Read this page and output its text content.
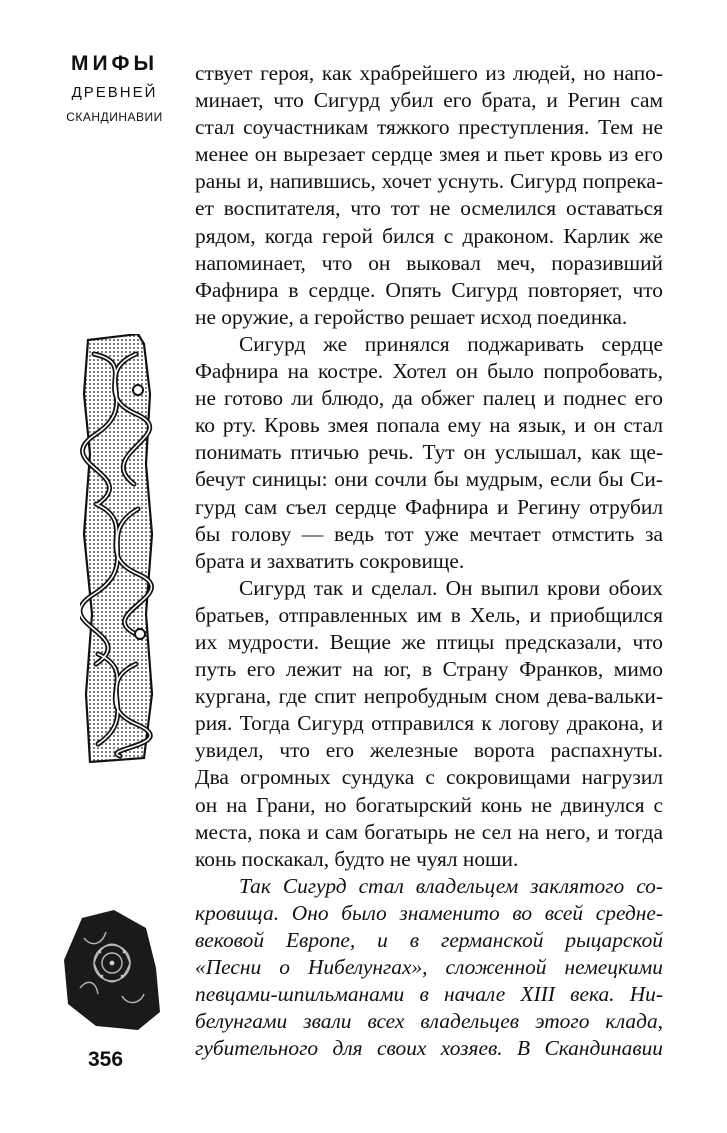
МИФЫ
ДРЕВНЕЙ
СКАНДИНАВИИ

ствует героя, как храбрейшего из людей, но напо-
минает, что Сигурд убил его брата, и Регин сам
стал соучастникам тяжкого преступления. Тем не
менее он вырезает сердце змея и пьет кровь из его
раны и, напившись, хочет уснуть. Сигурд попрека-
ет воспитателя, что тот не осмелился оставаться
рядом, когда герой бился с драконом. Карлик же
напоминает, что он выковал меч, поразивший
Фафнира в сердце. Опять Сигурд повторяет, что
не оружие, а геройство решает исход поединка.

Сигурд же принялся поджаривать сердце
Фафнира на костре. Хотел он было попробовать,
не готово ли блюдо, да обжег палец и поднес его
ко рту. Кровь змея попала ему на язык, и он стал
понимать птичью речь. Тут он услышал, как ще-
бечут синицы: они сочли бы мудрым, если бы Си-
гурд сам съел сердце Фафнира и Регину отрубил
бы голову — ведь тот уже мечтает отмстить за
брата и захватить сокровище.

Сигурд так и сделал. Он выпил крови обоих
братьев, отправленных им в Хель, и приобщился
их мудрости. Вещие же птицы предсказали, что
путь его лежит на юг, в Страну Франков, мимо
кургана, где спит непробудным сном дева-вальки-
рия. Тогда Сигурд отправился к логову дракона, и
увидел, что его железные ворота распахнуты.
Два огромных сундука с сокровищами нагрузил
он на Грани, но богатырский конь не двинулся с
места, пока и сам богатырь не сел на него, и тогда
конь поскакал, будто не чуял ноши.

Так Сигурд стал владельцем заклятого со-
кровища. Оно было знаменито во всей средне-
вековой Европе, и в германской рыцарской
«Песни о Нибелунгах», сложенной немецкими
певцами-шпильманами в начале XIII века. Ни-
белунгами звали всех владельцев этого клада,
губительного для своих хозяев. В Скандинавии

356
